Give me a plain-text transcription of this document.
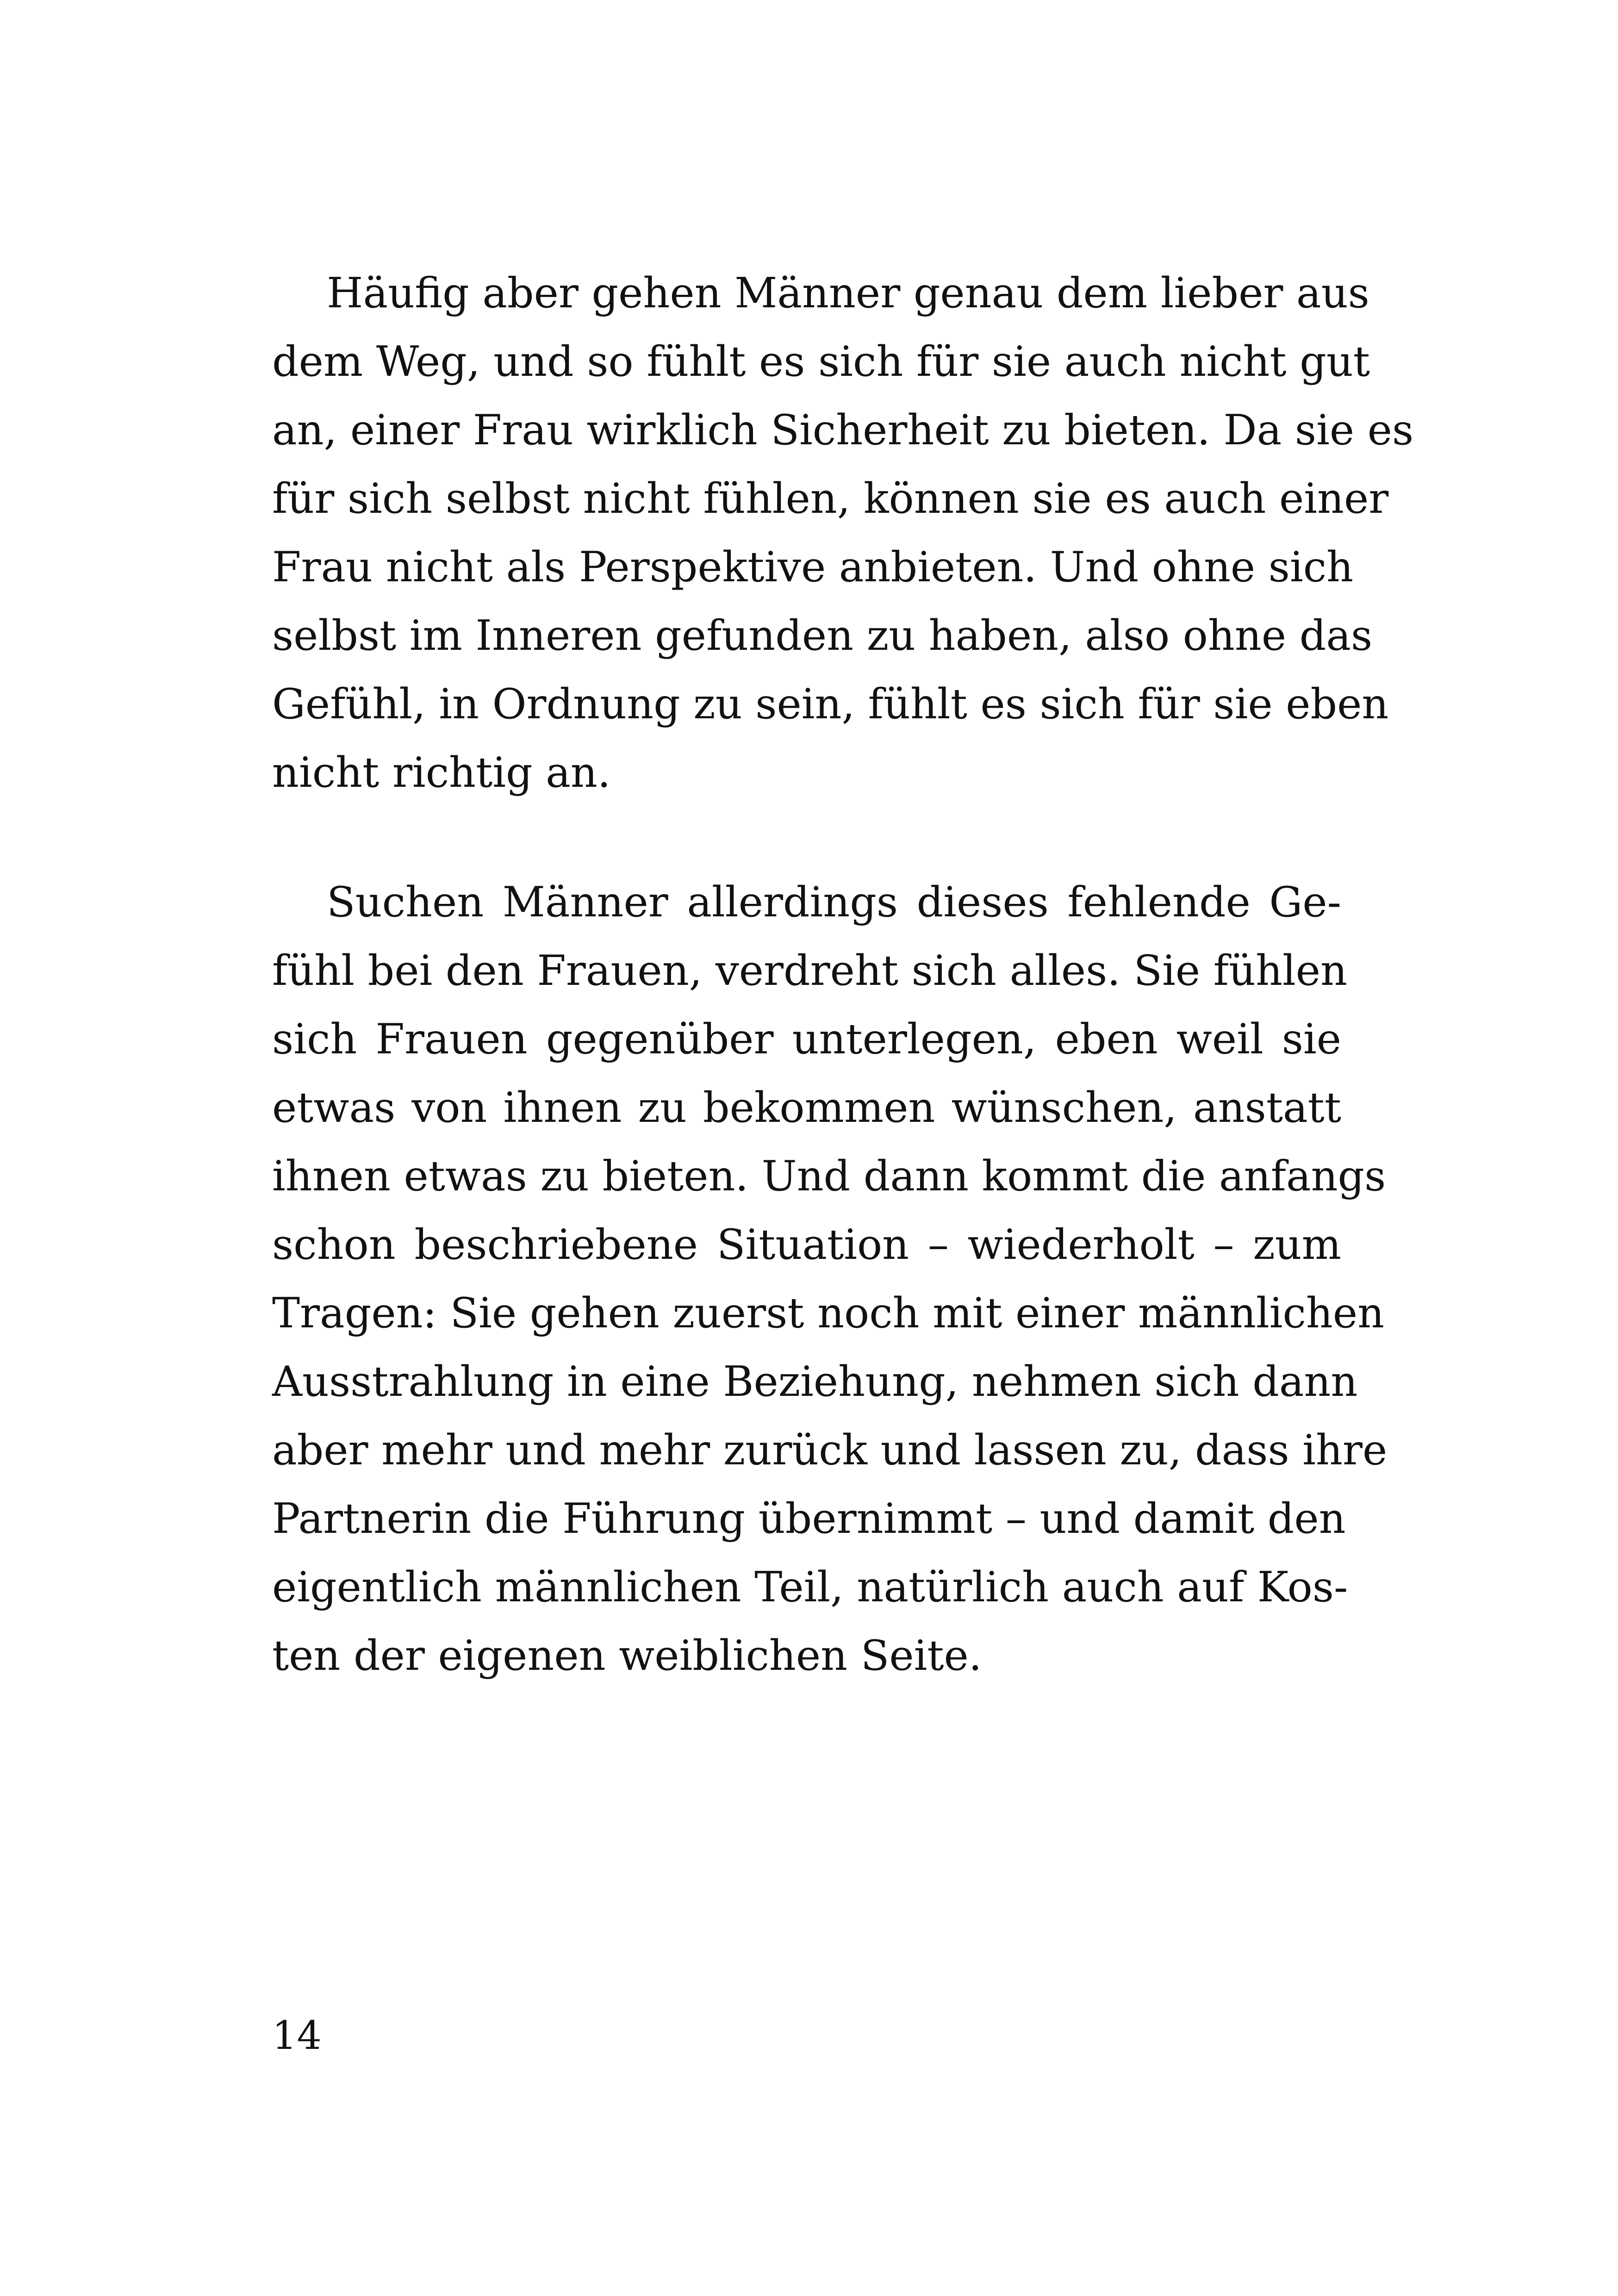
Häufig aber gehen Männer genau dem lieber aus
dem Weg, und so fühlt es sich für sie auch nicht gut
an, einer Frau wirklich Sicherheit zu bieten. Da sie es
für sich selbst nicht fühlen, können sie es auch einer
Frau nicht als Perspektive anbieten. Und ohne sich
selbst im Inneren gefunden zu haben, also ohne das
Gefühl, in Ordnung zu sein, fühlt es sich für sie eben
nicht richtig an.
Suchen Männer allerdings dieses fehlende Ge-
fühl bei den Frauen, verdreht sich alles. Sie fühlen
sich Frauen gegenüber unterlegen, eben weil sie
etwas von ihnen zu bekommen wünschen, anstatt
ihnen etwas zu bieten. Und dann kommt die anfangs
schon beschriebene Situation – wiederholt – zum
Tragen: Sie gehen zuerst noch mit einer männlichen
Ausstrahlung in eine Beziehung, nehmen sich dann
aber mehr und mehr zurück und lassen zu, dass ihre
Partnerin die Führung übernimmt – und damit den
eigentlich männlichen Teil, natürlich auch auf Kos-
ten der eigenen weiblichen Seite.
14
